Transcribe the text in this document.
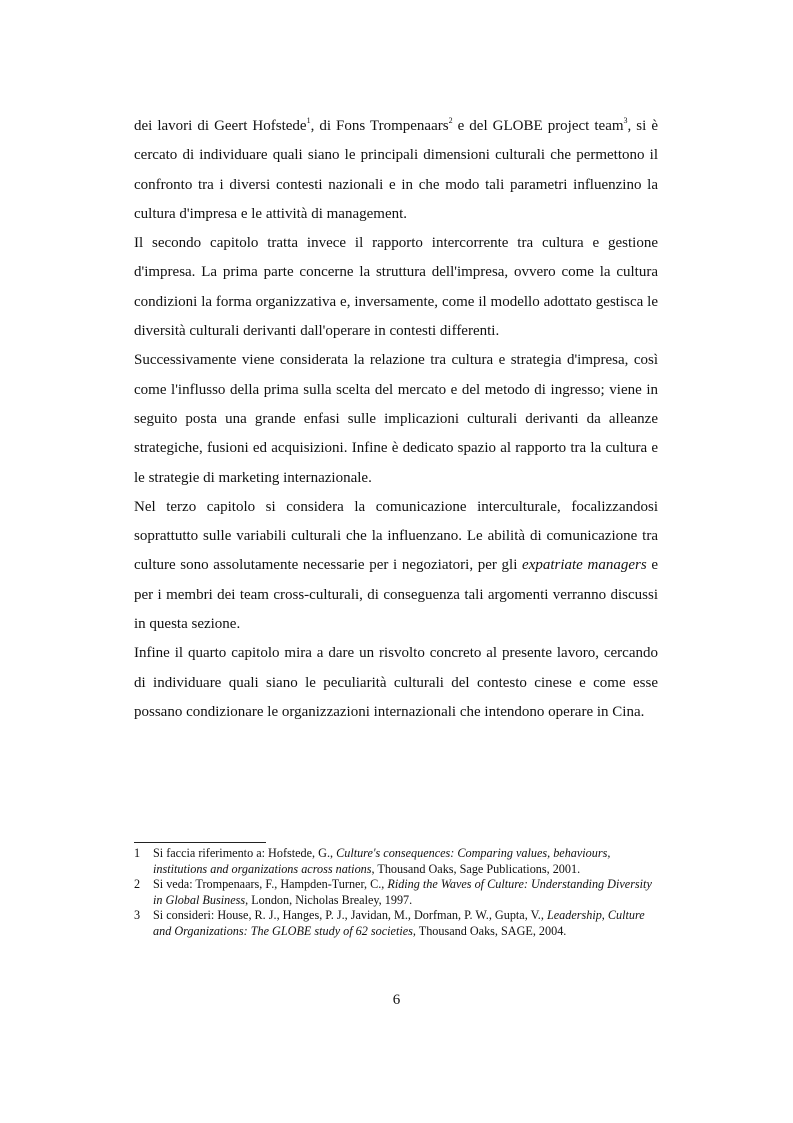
dei lavori di Geert Hofstede$^1$, di Fons Trompenaars$^2$ e del GLOBE project team$^3$, si è cercato di individuare quali siano le principali dimensioni culturali che permettono il confronto tra i diversi contesti nazionali e in che modo tali parametri influenzino la cultura d'impresa e le attività di management.

Il secondo capitolo tratta invece il rapporto intercorrente tra cultura e gestione d'impresa. La prima parte concerne la struttura dell'impresa, ovvero come la cultura condizioni la forma organizzativa e, inversamente, come il modello adottato gestisca le diversità culturali derivanti dall'operare in contesti differenti.

Successivamente viene considerata la relazione tra cultura e strategia d'impresa, così come l'influsso della prima sulla scelta del mercato e del metodo di ingresso; viene in seguito posta una grande enfasi sulle implicazioni culturali derivanti da alleanze strategiche, fusioni ed acquisizioni. Infine è dedicato spazio al rapporto tra la cultura e le strategie di marketing internazionale.

Nel terzo capitolo si considera la comunicazione interculturale, focalizzandosi soprattutto sulle variabili culturali che la influenzano. Le abilità di comunicazione tra culture sono assolutamente necessarie per i negoziatori, per gli expatriate managers e per i membri dei team cross-culturali, di conseguenza tali argomenti verranno discussi in questa sezione.

Infine il quarto capitolo mira a dare un risvolto concreto al presente lavoro, cercando di individuare quali siano le peculiarità culturali del contesto cinese e come esse possano condizionare le organizzazioni internazionali che intendono operare in Cina.

1	Si faccia riferimento a: Hofstede, G., Culture's consequences: Comparing values, behaviours, institutions and organizations across nations, Thousand Oaks, Sage Publications, 2001.

2	Si veda: Trompenaars, F., Hampden-Turner, C., Riding the Waves of Culture: Understanding Diversity in Global Business, London, Nicholas Brealey, 1997.

3	Si consideri: House, R. J., Hanges, P. J., Javidan, M., Dorfman, P. W., Gupta, V., Leadership, Culture and Organizations: The GLOBE study of 62 societies, Thousand Oaks, SAGE, 2004.

6
